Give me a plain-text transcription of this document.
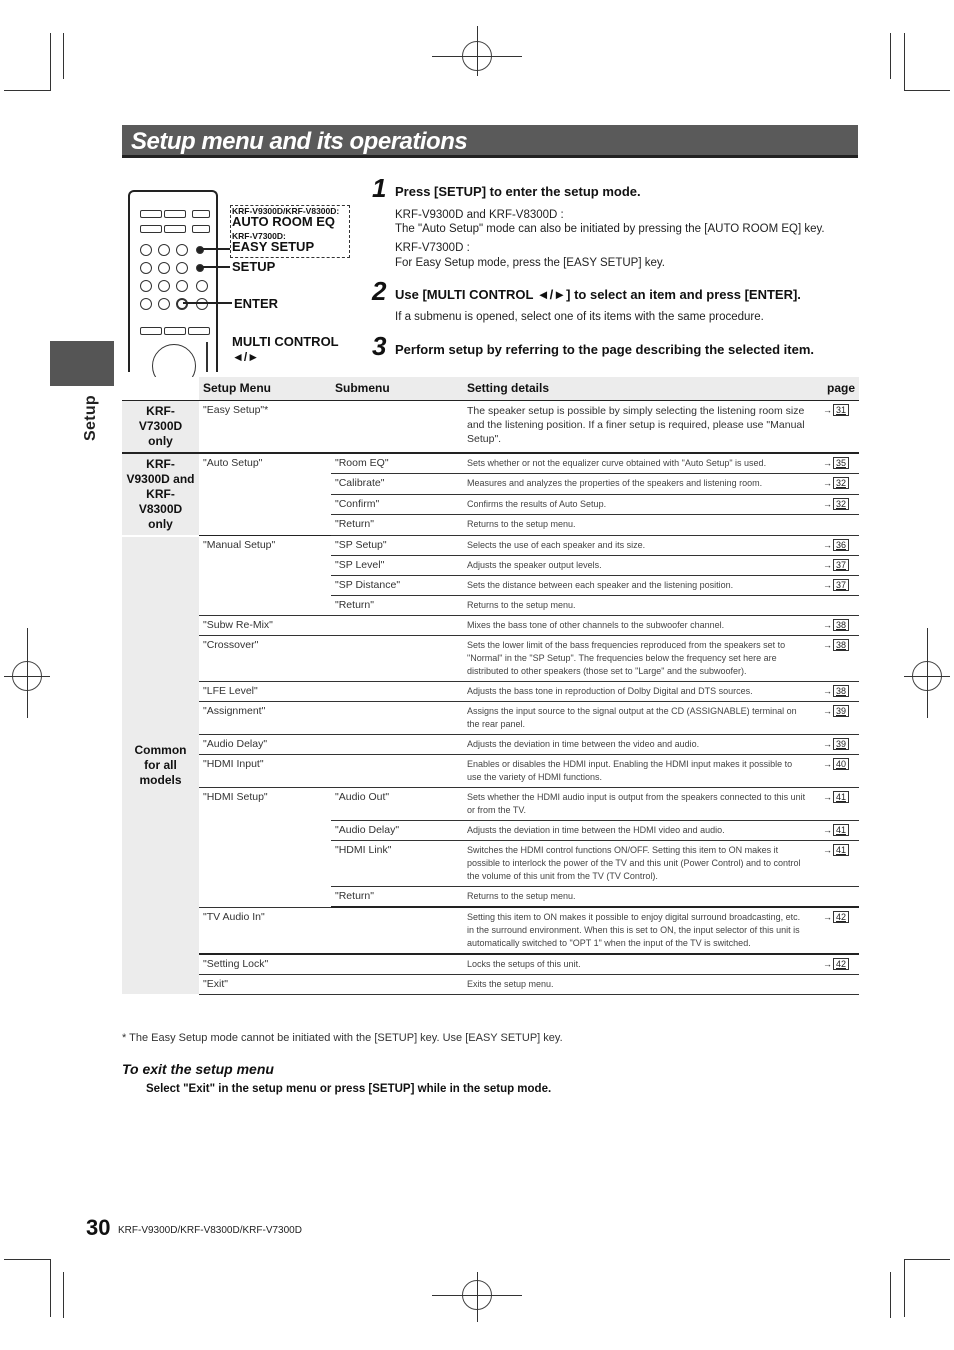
Setup menu and its operations
Setup
KRF-V9300D/KRF-V8300D:
AUTO ROOM EQ
KRF-V7300D:
EASY SETUP
SETUP
ENTER
MULTI CONTROL
◄/►
1 Press [SETUP] to enter the setup mode.
KRF-V9300D and KRF-V8300D :
The "Auto Setup" mode can also be initiated by pressing the [AUTO ROOM EQ] key.
KRF-V7300D :
For Easy Setup mode, press the [EASY SETUP] key.
2 Use [MULTI CONTROL ◄/►] to select an item and press [ENTER].
If a submenu is opened, select one of its items with the same procedure.
3 Perform setup by referring to the page describing the selected item.
	Setup Menu	Submenu	Setting details	page
KRF-V7300D only	"Easy Setup"*		The speaker setup is possible by simply selecting the listening room size and the listening position. If a finer setup is required, please use "Manual Setup".	→ 31
KRF-V9300D and KRF-V8300D only	"Auto Setup"	"Room EQ"	Sets whether or not the equalizer curve obtained with "Auto Setup" is used.	→ 35
		"Calibrate"	Measures and analyzes the properties of the speakers and listening room.	→ 32
		"Confirm"	Confirms the results of Auto Setup.	→ 32
		"Return"	Returns to the setup menu.	
Common for all models	"Manual Setup"	"SP Setup"	Selects the use of each speaker and its size.	→ 36
		"SP Level"	Adjusts the speaker output levels.	→ 37
		"SP Distance"	Sets the distance between each speaker and the listening position.	→ 37
		"Return"	Returns to the setup menu.	
	"Subw Re-Mix"		Mixes the bass tone of other channels to the subwoofer channel.	→ 38
	"Crossover"		Sets the lower limit of the bass frequencies reproduced from the speakers set to "Normal" in the "SP Setup". The frequencies below the frequency set here are distributed to other speakers (those set to "Large" and the subwoofer).	→ 38
	"LFE Level"		Adjusts the bass tone in reproduction of Dolby Digital and DTS sources.	→ 38
	"Assignment"		Assigns the input source to the signal output at the CD (ASSIGNABLE) terminal on the rear panel.	→ 39
	"Audio Delay"		Adjusts the deviation in time between the video and audio.	→ 39
	"HDMI Input"		Enables or disables the HDMI input. Enabling the HDMI input makes it possible to use the variety of HDMI functions.	→ 40
	"HDMI Setup"	"Audio Out"	Sets whether the HDMI audio input is output from the speakers connected to this unit or from the TV.	→ 41
		"Audio Delay"	Adjusts the deviation in time between the HDMI video and audio.	→ 41
		"HDMI Link"	Switches the HDMI control functions ON/OFF. Setting this item to ON makes it possible to interlock the power of the TV and this unit (Power Control) and to control the volume of this unit from the TV (TV Control).	→ 41
		"Return"	Returns to the setup menu.	
	"TV Audio In"		Setting this item to ON makes it possible to enjoy digital surround broadcasting, etc. in the surround environment. When this is set to ON, the input selector of this unit is automatically switched to "OPT 1" when the input of the TV is switched.	→ 42
	"Setting Lock"		Locks the setups of this unit.	→ 42
	"Exit"		Exits the setup menu.	
* The Easy Setup mode cannot be initiated with the [SETUP] key. Use [EASY SETUP] key.
To exit the setup menu
Select "Exit" in the setup menu or press [SETUP] while in the setup mode.
30 KRF-V9300D/KRF-V8300D/KRF-V7300D
